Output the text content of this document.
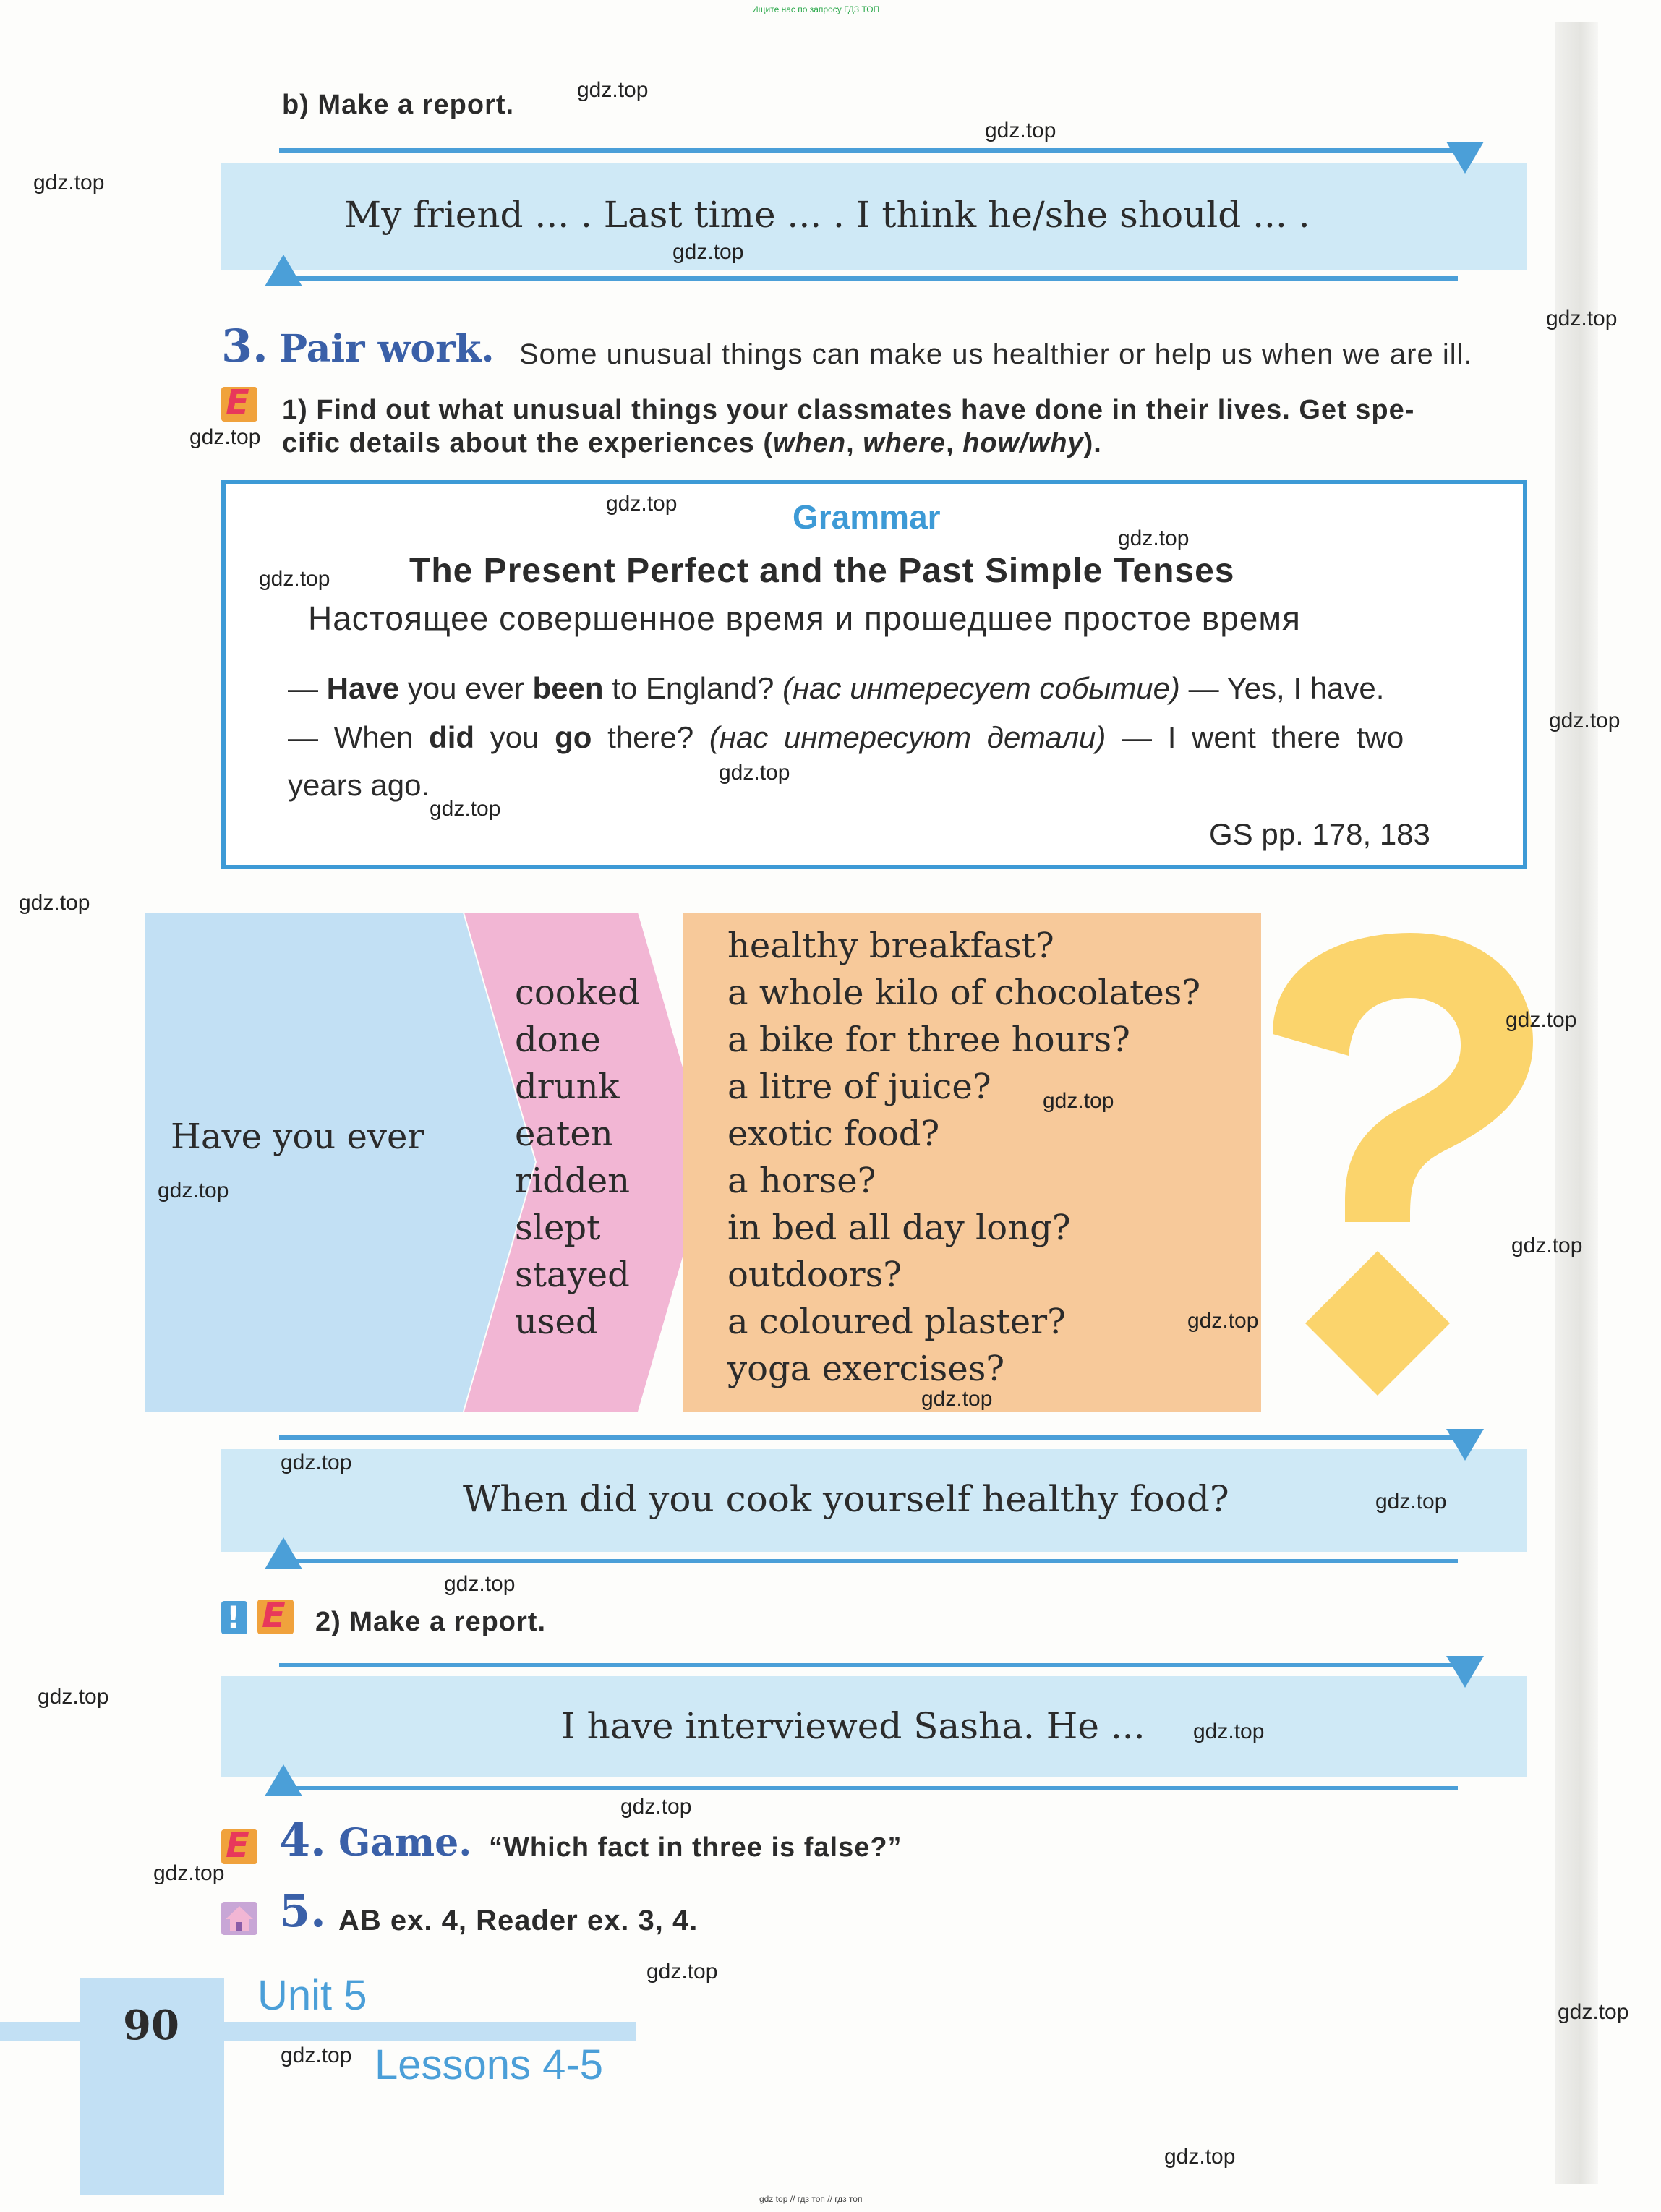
Ищите нас по запросу ГДЗ ТОП
b) Make a report.
My friend ... . Last time ... . I think he/she should ... .
3. Pair work. Some unusual things can make us healthier or help us when we are ill.
E 1) Find out what unusual things your classmates have done in their lives. Get spe-
cific details about the experiences (when, where, how/why).
Grammar
The Present Perfect and the Past Simple Tenses
Настоящее совершенное время и прошедшее простое время
— Have you ever been to England? (нас интересует событие) — Yes, I have.
— When did you go there? (нас интересуют детали) — I went there two
years ago.
GS pp. 178, 183
Have you ever
cooked
done
drunk
eaten
ridden
slept
stayed
used
healthy breakfast?
a whole kilo of chocolates?
a bike for three hours?
a litre of juice?
exotic food?
a horse?
in bed all day long?
outdoors?
a coloured plaster?
yoga exercises?
When did you cook yourself healthy food?
! E 2) Make a report.
I have interviewed Sasha. He ...
E 4. Game. “Which fact in three is false?”
5. AB ex. 4, Reader ex. 3, 4.
90
Unit 5
Lessons 4-5
gdz.top
gdz.top
gdz.top
gdz.top
gdz.top
gdz.top
gdz.top
gdz.top
gdz.top
gdz.top
gdz.top
gdz.top
gdz.top
gdz.top
gdz.top
gdz.top
gdz.top
gdz.top
gdz.top
gdz.top
gdz.top
gdz.top
gdz.top
gdz.top
gdz.top
gdz.top
gdz.top
gdz.top
gdz.top
gdz.top
gdz top // гдз топ // гдз топ
